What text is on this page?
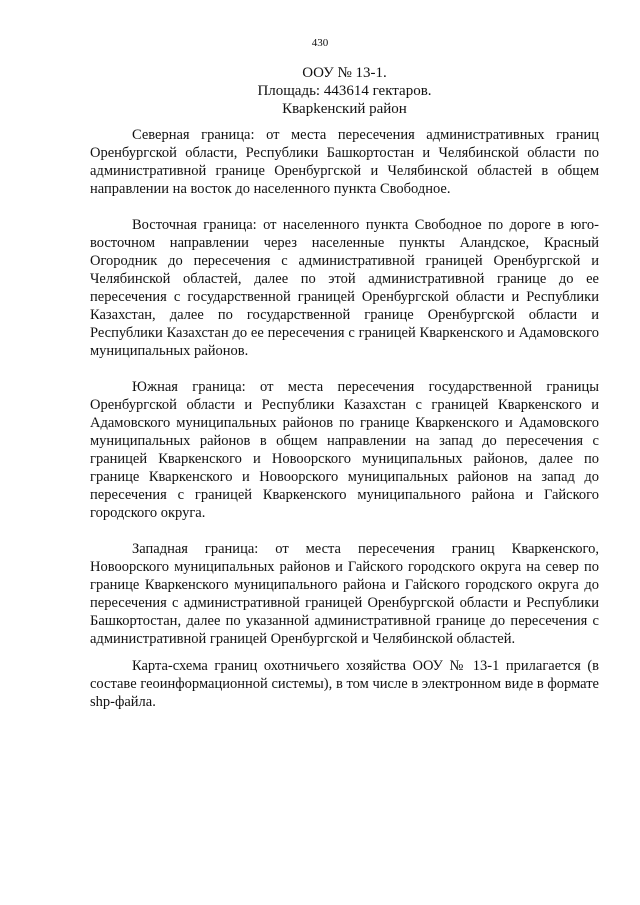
430
ООУ № 13-1.
Площадь: 443614 гектаров.
Кварkенский район

Северная граница: от места пересечения административных границ Оренбургской области, Республики Башкортостан и Челябинской области по административной границе Оренбургской и Челябинской областей в общем направлении на восток до населенного пункта Свободное.

Восточная граница: от населенного пункта Свободное по дороге в юго-восточном направлении через населенные пункты Аландское, Красный Огородник до пересечения с административной границей Оренбургской и Челябинской областей, далее по этой административной границе до ее пересечения с государственной границей Оренбургской области и Республики Казахстан, далее по государственной границе Оренбургской области и Республики Казахстан до ее пересечения с границей Кваркенского и Адамовского муниципальных районов.

Южная граница: от места пересечения государственной границы Оренбургской области и Республики Казахстан с границей Кваркенского и Адамовского муниципальных районов по границе Кваркенского и Адамовского муниципальных районов в общем направлении на запад до пересечения с границей Кваркенского и Новоорского муниципальных районов, далее по границе Кваркенского и Новоорского муниципальных районов на запад до пересечения с границей Кваркенского муниципального района и Гайского городского округа.

Западная граница: от места пересечения границ Кваркенского, Новоорского муниципальных районов и Гайского городского округа на север по границе Кваркенского муниципального района и Гайского городского округа до пересечения с административной границей Оренбургской области и Республики Башкортостан, далее по указанной административной границе до пересечения с административной границей Оренбургской и Челябинской областей.

Карта-схема границ охотничьего хозяйства ООУ № 13-1 прилагается (в составе геоинформационной системы), в том числе в электронном виде в формате shp-файла.
